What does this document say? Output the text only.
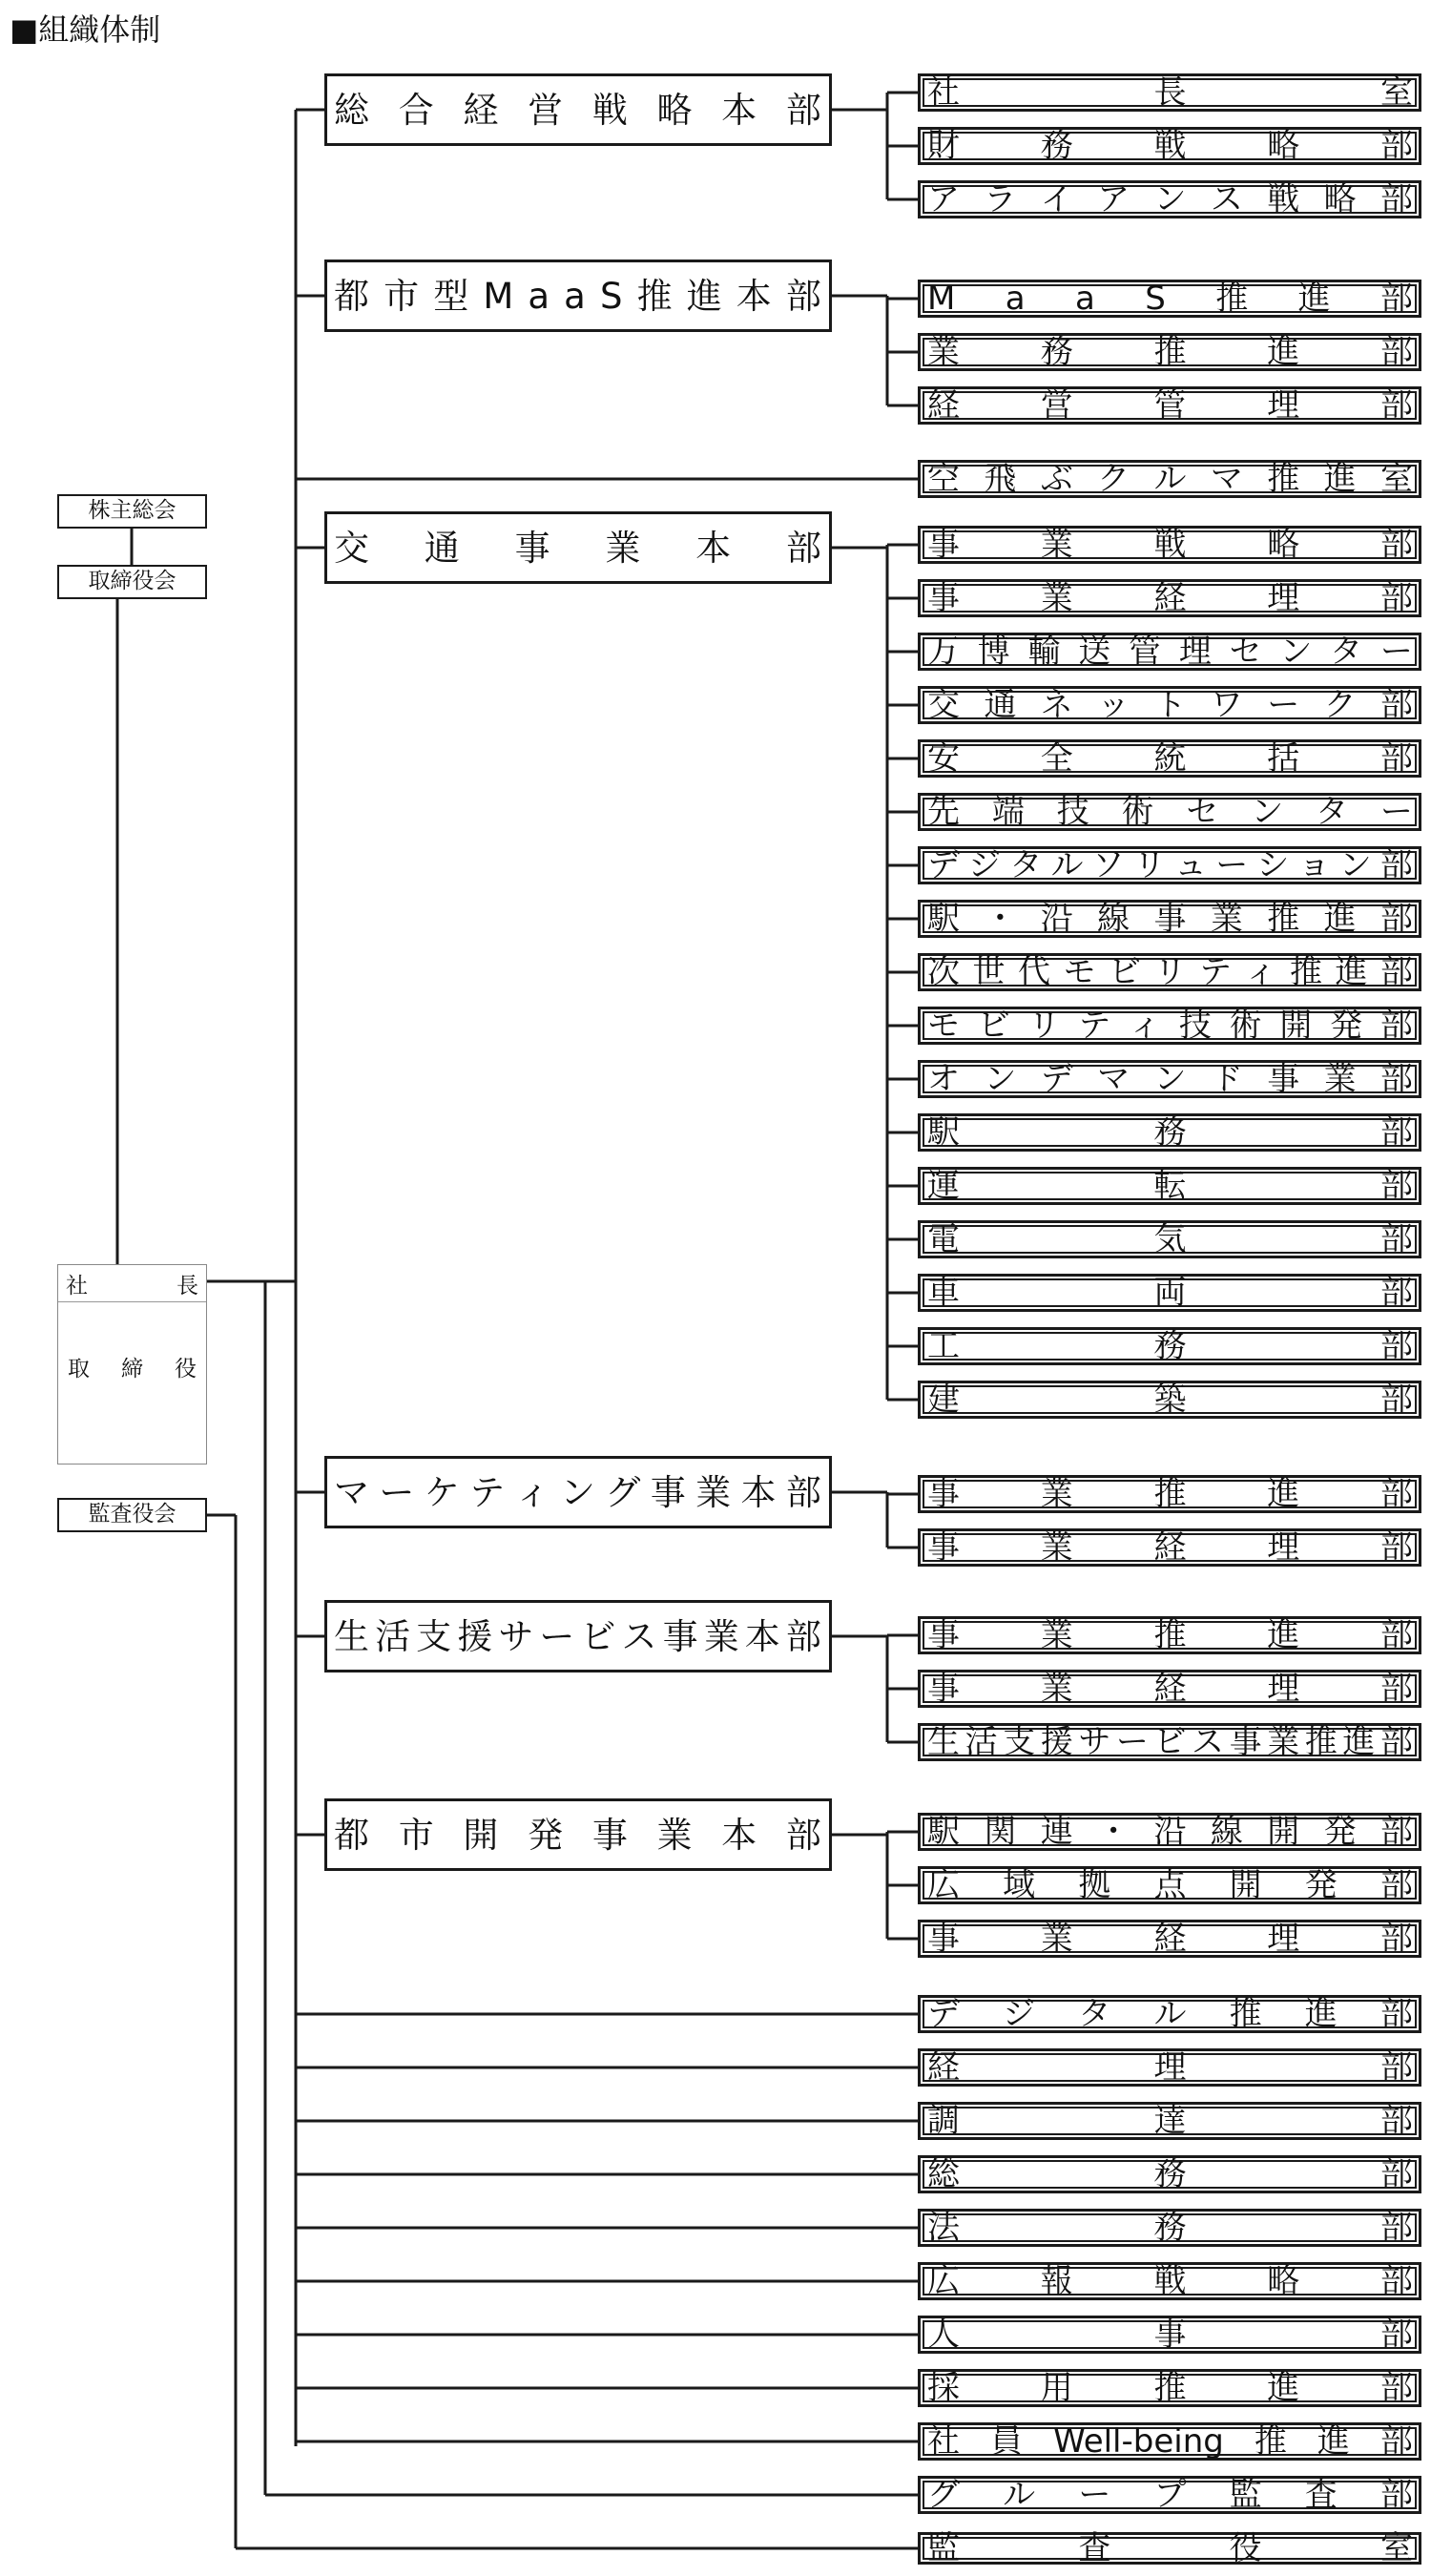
■組織体制
株主総会
取締役会
社	長
取 締 役
監査役会
総 合 経 営 戦 略 本 部	社	長	室
財 務 戦 略 部
ア ラ イ ア ン ス 戦 略 部
都 市 型 M a a S 推 進 本 部	M a a S 推 進 部
業 務 推 進 部
経 営 管 理 部
空 飛 ぶ ク ル マ 推 進 室
交 通 事 業 本 部	事 業 戦 略 部
事 業 経 理 部
万 博 輸 送 管 理 セ ン タ ー
交 通 ネ ッ ト ワ ー ク 部
安 全 統 括 部
先 端 技 術 セ ン タ ー
デ ジ タ ル ソ リ ュ ー シ ョ ン 部
駅 ・ 沿 線 事 業 推 進 部
次 世 代 モ ビ リ テ ィ 推 進 部
モ ビ リ テ ィ 技 術 開 発 部
オ ン デ マ ン ド 事 業 部
駅	務	部
運	転	部
電	気	部
車	両	部
工	務	部
建	築	部
マ ー ケ テ ィ ン グ 事 業 本 部	事 業 推 進 部
事 業 経 理 部
生 活 支 援 サ ー ビ ス 事 業 本 部	事 業 推 進 部
事 業 経 理 部
生 活 支 援 サ ー ビ ス 事 業 推 進 部
都 市 開 発 事 業 本 部	駅 関 連 ・ 沿 線 開 発 部
広 域 拠 点 開 発 部
事 業 経 理 部
デ ジ タ ル 推 進 部
経	理	部
調	達	部
総	務	部
法	務	部
広 報 戦 略 部
人	事	部
採 用 推 進 部
社 員 Well-being 推 進 部
グ ル ー プ 監 査 部
監	査	役	室
